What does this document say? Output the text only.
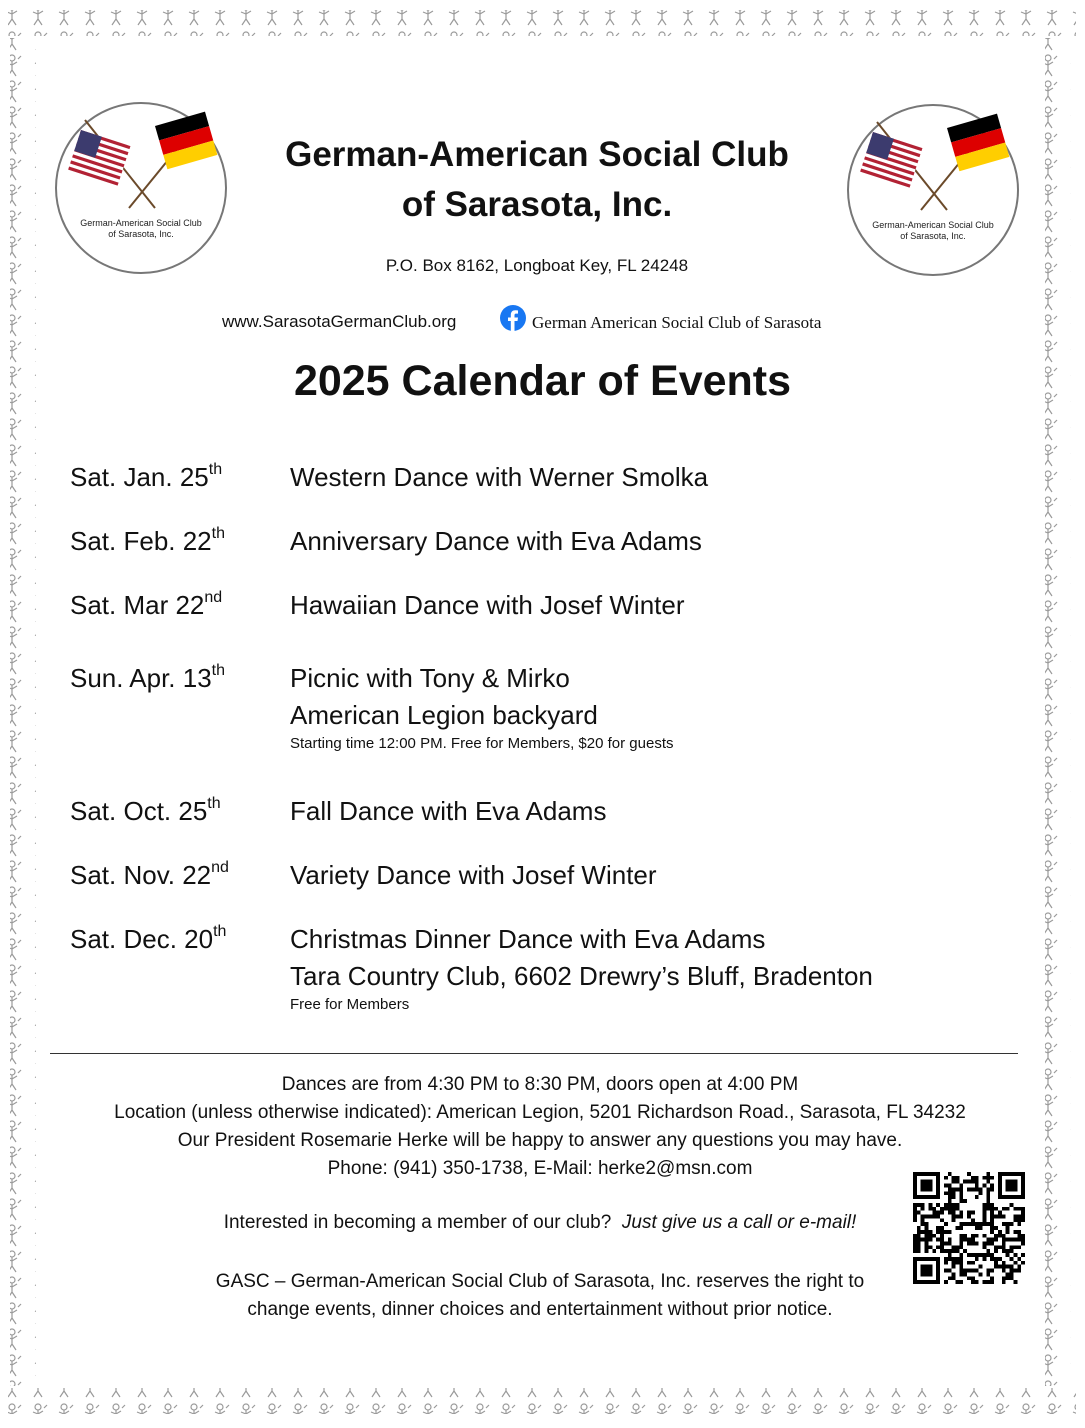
German-American Social Club
of Sarasota, Inc.
German-American Social Club
of Sarasota, Inc.
German-American Social Club
of Sarasota, Inc.
P.O. Box 8162, Longboat Key, FL 24248
www.SarasotaGermanClub.org	German American Social Club of Sarasota
2025 Calendar of Events
Sat. Jan. 25th	Western Dance with Werner Smolka
Sat. Feb. 22th	Anniversary Dance with Eva Adams
Sat. Mar 22nd	Hawaiian Dance with Josef Winter
Sun. Apr. 13th Picnic with Tony & Mirko
American Legion backyard
Starting time 12:00 PM. Free for Members, $20 for guests
Sat. Oct. 25th	Fall Dance with Eva Adams
Sat. Nov. 22nd Variety Dance with Josef Winter
Sat. Dec. 20th Christmas Dinner Dance with Eva Adams
Tara Country Club, 6602 Drewry’s Bluff, Bradenton
Free for Members
Dances are from 4:30 PM to 8:30 PM, doors open at 4:00 PM
Location (unless otherwise indicated): American Legion, 5201 Richardson Road., Sarasota, FL 34232
Our President Rosemarie Herke will be happy to answer any questions you may have.
Phone: (941) 350-1738, E-Mail: herke2@msn.com
Interested in becoming a member of our club? Just give us a call or e-mail!
GASC – German-American Social Club of Sarasota, Inc. reserves the right to
change events, dinner choices and entertainment without prior notice.
